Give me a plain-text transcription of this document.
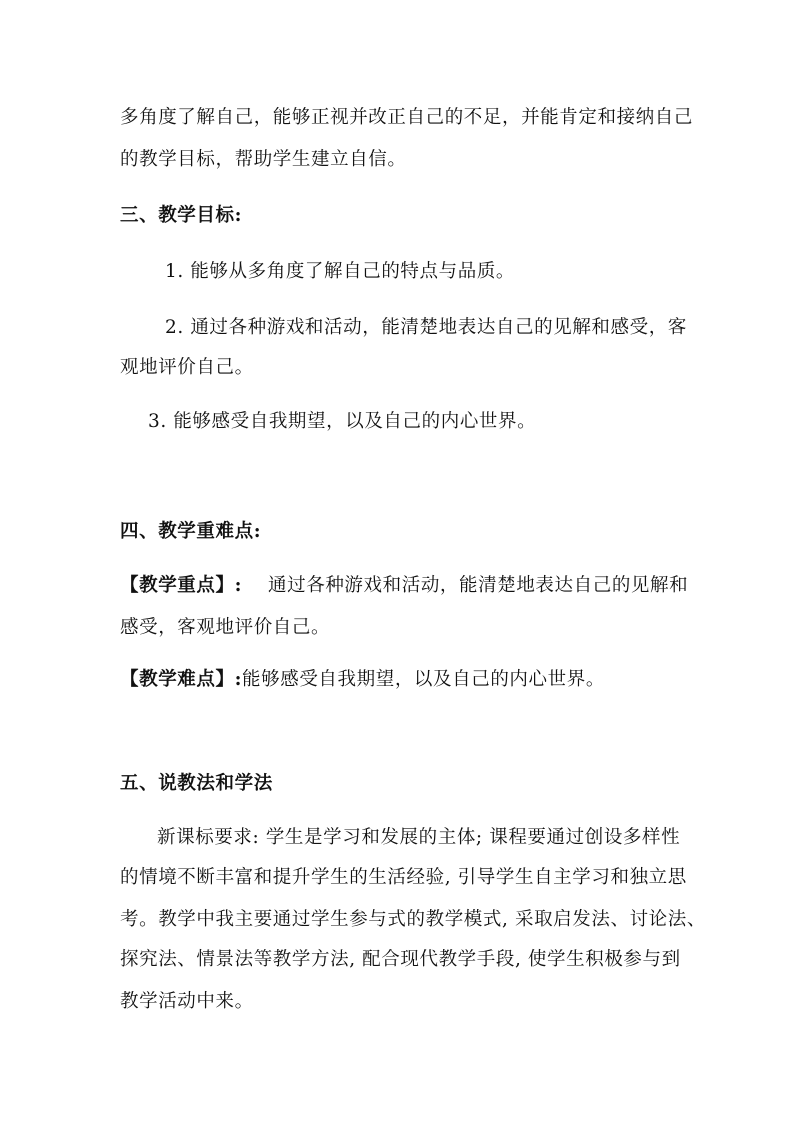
多角度了解自己，能够正视并改正自己的不足，并能肯定和接纳自己
的教学目标，帮助学生建立自信。
三、教学目标:
1. 能够从多角度了解自己的特点与品质。
2. 通过各种游戏和活动，能清楚地表达自己的见解和感受，客
观地评价自己。
3. 能够感受自我期望，以及自己的内心世界。
四、教学重难点:
【教学重点】: 通过各种游戏和活动，能清楚地表达自己的见解和
感受，客观地评价自己。
【教学难点】:能够感受自我期望，以及自己的内心世界。
五、说教法和学法
新课标要求: 学生是学习和发展的主体; 课程要通过创设多样性
的情境不断丰富和提升学生的生活经验, 引导学生自主学习和独立思
考。教学中我主要通过学生参与式的教学模式, 采取启发法、讨论法、
探究法、情景法等教学方法, 配合现代教学手段, 使学生积极参与到
教学活动中来。
